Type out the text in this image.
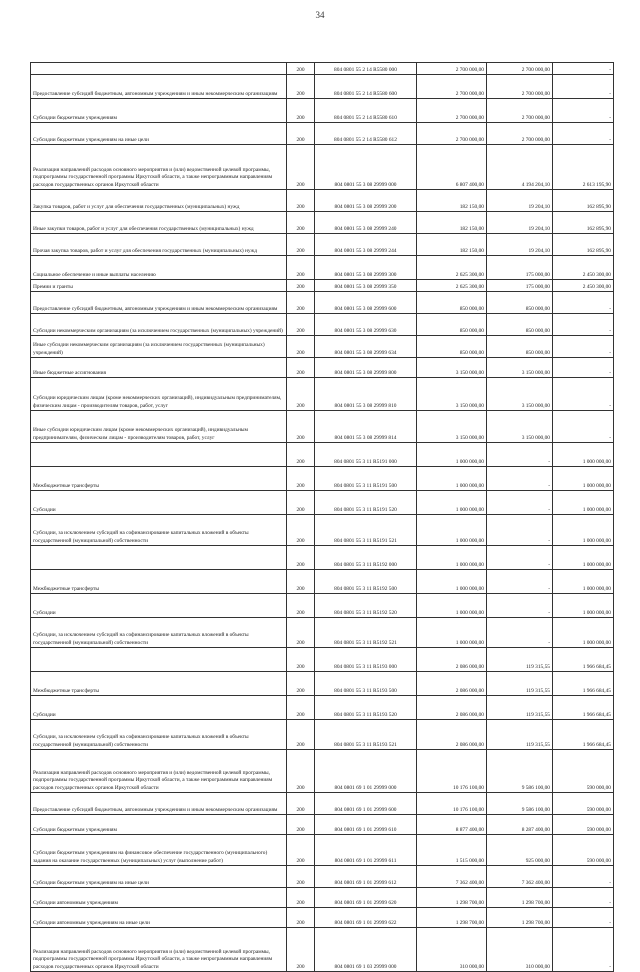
34
	200	804 0801 55 2 14 R5580 000	2 700 000,00	2 700 000,00	-
Предоставление субсидий бюджетным, автономным учреждениям и иным некоммерческим организациям	200	804 0801 55 2 14 R5580 600	2 700 000,00	2 700 000,00	-
Субсидии бюджетным учреждениям	200	804 0801 55 2 14 R5580 610	2 700 000,00	2 700 000,00	-
Субсидии бюджетным учреждениям на иные цели	200	804 0801 55 2 14 R5580 612	2 700 000,00	2 700 000,00	-
Реализация направлений расходов основного мероприятия и (или) ведомственной целевой программы, подпрограммы государственной программы Иркутской области, а также непрограммным направлениям расходов государственных органов Иркутской области	200	804 0801 55 3 08 29999 000	6 807 400,00	4 194 204,10	2 613 195,90
Закупка товаров, работ и услуг для обеспечения государственных (муниципальных) нужд	200	804 0801 55 3 08 29999 200	182 150,00	19 204,10	162 895,90
Иные закупки товаров, работ и услуг для обеспечения государственных (муниципальных) нужд	200	804 0801 55 3 08 29999 240	182 150,00	19 204,10	162 895,90
Прочая закупка товаров, работ и услуг для обеспечения государственных (муниципальных) нужд	200	804 0801 55 3 08 29999 244	182 150,00	19 204,10	162 895,90
Социальное обеспечение и иные выплаты населению	200	804 0801 55 3 08 29999 300	2 625 300,00	175 000,00	2 450 300,00
Премии и гранты	200	804 0801 55 3 08 29999 350	2 625 300,00	175 000,00	2 450 300,00
Предоставление субсидий бюджетным, автономным учреждениям и иным некоммерческим организациям	200	804 0801 55 3 08 29999 600	850 000,00	850 000,00	-
Субсидии некоммерческим организациям (за исключением государственных (муниципальных) учреждений)	200	804 0801 55 3 08 29999 630	850 000,00	850 000,00	-
Иные субсидии некоммерческим организациям (за исключением государственных (муниципальных) учреждений)	200	804 0801 55 3 08 29999 634	850 000,00	850 000,00	-
Иные бюджетные ассигнования	200	804 0801 55 3 08 29999 800	3 150 000,00	3 150 000,00	-
Субсидии юридическим лицам (кроме некоммерческих организаций), индивидуальным предпринимателям, физическим лицам - производителям товаров, работ, услуг	200	804 0801 55 3 08 29999 810	3 150 000,00	3 150 000,00	-
Иные субсидии юридическим лицам (кроме некоммерческих организаций), индивидуальным предпринимателям, физическим лицам - производителям товаров, работ, услуг	200	804 0801 55 3 08 29999 814	3 150 000,00	3 150 000,00	-
	200	804 0801 55 3 11 R5191 000	1 000 000,00	-	1 000 000,00
Межбюджетные трансферты	200	804 0801 55 3 11 R5191 500	1 000 000,00	-	1 000 000,00
Субсидии	200	804 0801 55 3 11 R5191 520	1 000 000,00	-	1 000 000,00
Субсидии, за исключением субсидий на софинансирование капитальных вложений в объекты государственной (муниципальной) собственности	200	804 0801 55 3 11 R5191 521	1 000 000,00	-	1 000 000,00
	200	804 0801 55 3 11 R5192 000	1 000 000,00	-	1 000 000,00
Межбюджетные трансферты	200	804 0801 55 3 11 R5192 500	1 000 000,00	-	1 000 000,00
Субсидии	200	804 0801 55 3 11 R5192 520	1 000 000,00	-	1 000 000,00
Субсидии, за исключением субсидий на софинансирование капитальных вложений в объекты государственной (муниципальной) собственности	200	804 0801 55 3 11 R5192 521	1 000 000,00	-	1 000 000,00
	200	804 0801 55 3 11 R5193 000	2 086 000,00	119 315,55	1 966 684,45
Межбюджетные трансферты	200	804 0801 55 3 11 R5193 500	2 086 000,00	119 315,55	1 966 684,45
Субсидии	200	804 0801 55 3 11 R5193 520	2 086 000,00	119 315,55	1 966 684,45
Субсидии, за исключением субсидий на софинансирование капитальных вложений в объекты государственной (муниципальной) собственности	200	804 0801 55 3 11 R5193 521	2 086 000,00	119 315,55	1 966 684,45
Реализация направлений расходов основного мероприятия и (или) ведомственной целевой программы, подпрограммы государственной программы Иркутской области, а также непрограммным направлениям расходов государственных органов Иркутской области	200	804 0801 69 1 01 29999 000	10 176 100,00	9 586 100,00	590 000,00
Предоставление субсидий бюджетным, автономным учреждениям и иным некоммерческим организациям	200	804 0801 69 1 01 29999 600	10 176 100,00	9 586 100,00	590 000,00
Субсидии бюджетным учреждениям	200	804 0801 69 1 01 29999 610	8 877 400,00	8 287 400,00	590 000,00
Субсидии бюджетным учреждениям на финансовое обеспечение государственного (муниципального) задания на оказание государственных (муниципальных) услуг (выполнение работ)	200	804 0801 69 1 01 29999 611	1 515 000,00	925 000,00	590 000,00
Субсидии бюджетным учреждениям на иные цели	200	804 0801 69 1 01 29999 612	7 362 400,00	7 362 400,00	-
Субсидии автономным учреждениям	200	804 0801 69 1 01 29999 620	1 298 700,00	1 298 700,00	-
Субсидии автономным учреждениям на иные цели	200	804 0801 69 1 01 29999 622	1 298 700,00	1 298 700,00	-
Реализация направлений расходов основного мероприятия и (или) ведомственной целевой программы, подпрограммы государственной программы Иркутской области, а также непрограммным направлениям расходов государственных органов Иркутской области	200	804 0801 69 1 03 29999 000	310 000,00	310 000,00	-
